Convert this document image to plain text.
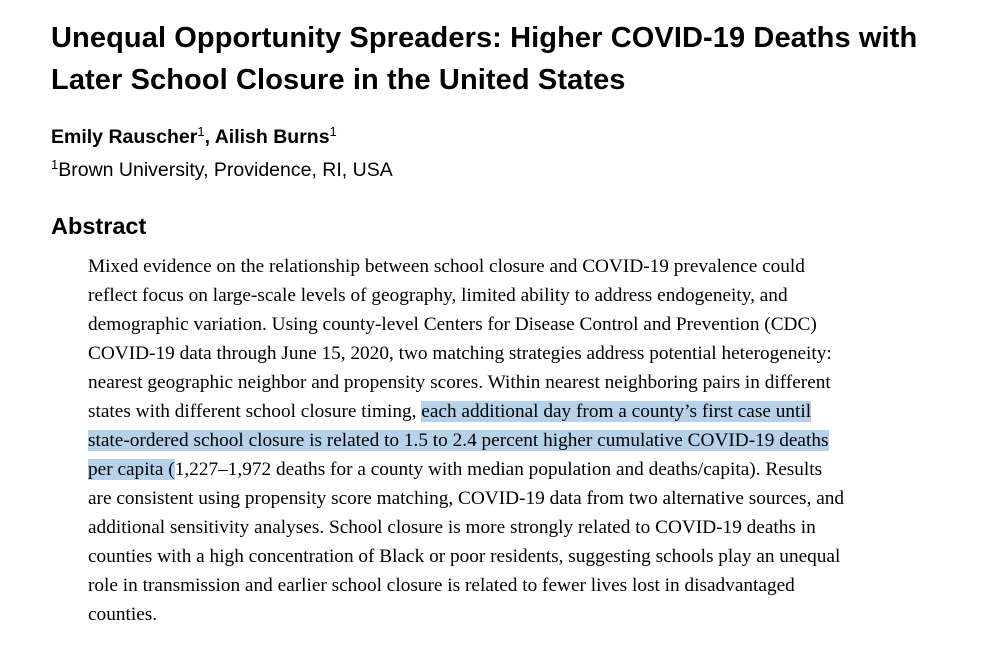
Unequal Opportunity Spreaders: Higher COVID-19 Deaths with Later School Closure in the United States
Emily Rauscher$^1$, Ailish Burns$^1$
$^1$Brown University, Providence, RI, USA
Abstract
Mixed evidence on the relationship between school closure and COVID-19 prevalence could
reflect focus on large-scale levels of geography, limited ability to address endogeneity, and
demographic variation. Using county-level Centers for Disease Control and Prevention (CDC)
COVID-19 data through June 15, 2020, two matching strategies address potential heterogeneity:
nearest geographic neighbor and propensity scores. Within nearest neighboring pairs in different
states with different school closure timing, each additional day from a county’s first case until
state-ordered school closure is related to 1.5 to 2.4 percent higher cumulative COVID-19 deaths
per capita (1,227–1,972 deaths for a county with median population and deaths/capita). Results
are consistent using propensity score matching, COVID-19 data from two alternative sources, and
additional sensitivity analyses. School closure is more strongly related to COVID-19 deaths in
counties with a high concentration of Black or poor residents, suggesting schools play an unequal
role in transmission and earlier school closure is related to fewer lives lost in disadvantaged
counties.
